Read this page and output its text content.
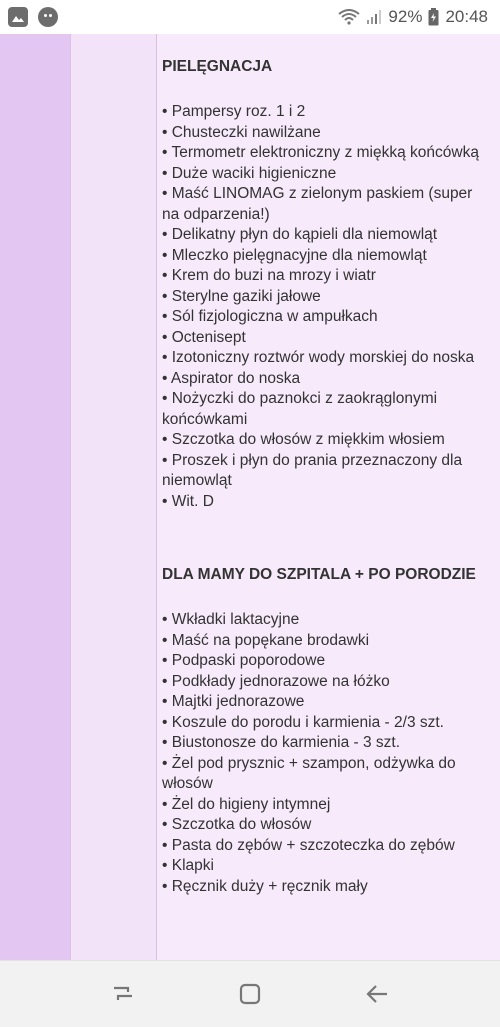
92% 20:48
PIELĘGNACJA
• Pampersy roz. 1 i 2
• Chusteczki nawilżane
• Termometr elektroniczny z miękką końcówką
• Duże waciki higieniczne
• Maść LINOMAG z zielonym paskiem (super na odparzenia!)
• Delikatny płyn do kąpieli dla niemowląt
• Mleczko pielęgnacyjne dla niemowląt
• Krem do buzi na mrozy i wiatr
• Sterylne gaziki jałowe
• Sól fizjologiczna w ampułkach
• Octenisept
• Izotoniczny roztwór wody morskiej do noska
• Aspirator do noska
• Nożyczki do paznokci z zaokrąglonymi końcówkami
• Szczotka do włosów z miękkim włosiem
• Proszek i płyn do prania przeznaczony dla niemowląt
• Wit. D
DLA MAMY DO SZPITALA + PO PORODZIE
• Wkładki laktacyjne
• Maść na popękane brodawki
• Podpaski poporodowe
• Podkłady jednorazowe na łóżko
• Majtki jednorazowe
• Koszule do porodu i karmienia - 2/3 szt.
• Biustonosze do karmienia - 3 szt.
• Żel pod prysznic + szampon, odżywka do włosów
• Żel do higieny intymnej
• Szczotka do włosów
• Pasta do zębów + szczoteczka do zębów
• Klapki
• Ręcznik duży + ręcznik mały
